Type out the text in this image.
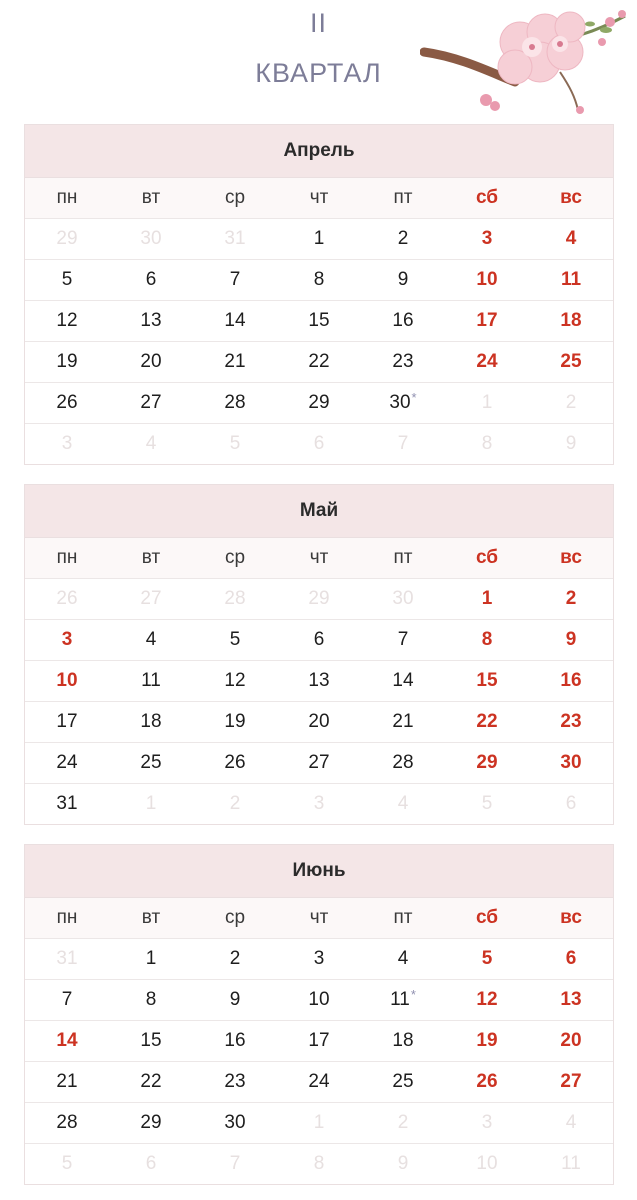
II
КВАРТАЛ
Апрель
пн	вт	ср	чт	пт	сб	вс
29	30	31	1	2	3	4
5	6	7	8	9	10	11
12	13	14	15	16	17	18
19	20	21	22	23	24	25
26	27	28	29	30 *	1	2
3	4	5	6	7	8	9
Май
пн	вт	ср	чт	пт	сб	вс
26	27	28	29	30	1	2
3	4	5	6	7	8	9
10	11	12	13	14	15	16
17	18	19	20	21	22	23
24	25	26	27	28	29	30
31	1	2	3	4	5	6
Июнь
пн	вт	ср	чт	пт	сб	вс
31	1	2	3	4	5	6
7	8	9	10	11 *	12	13
14	15	16	17	18	19	20
21	22	23	24	25	26	27
28	29	30	1	2	3	4
5	6	7	8	9	10	11
